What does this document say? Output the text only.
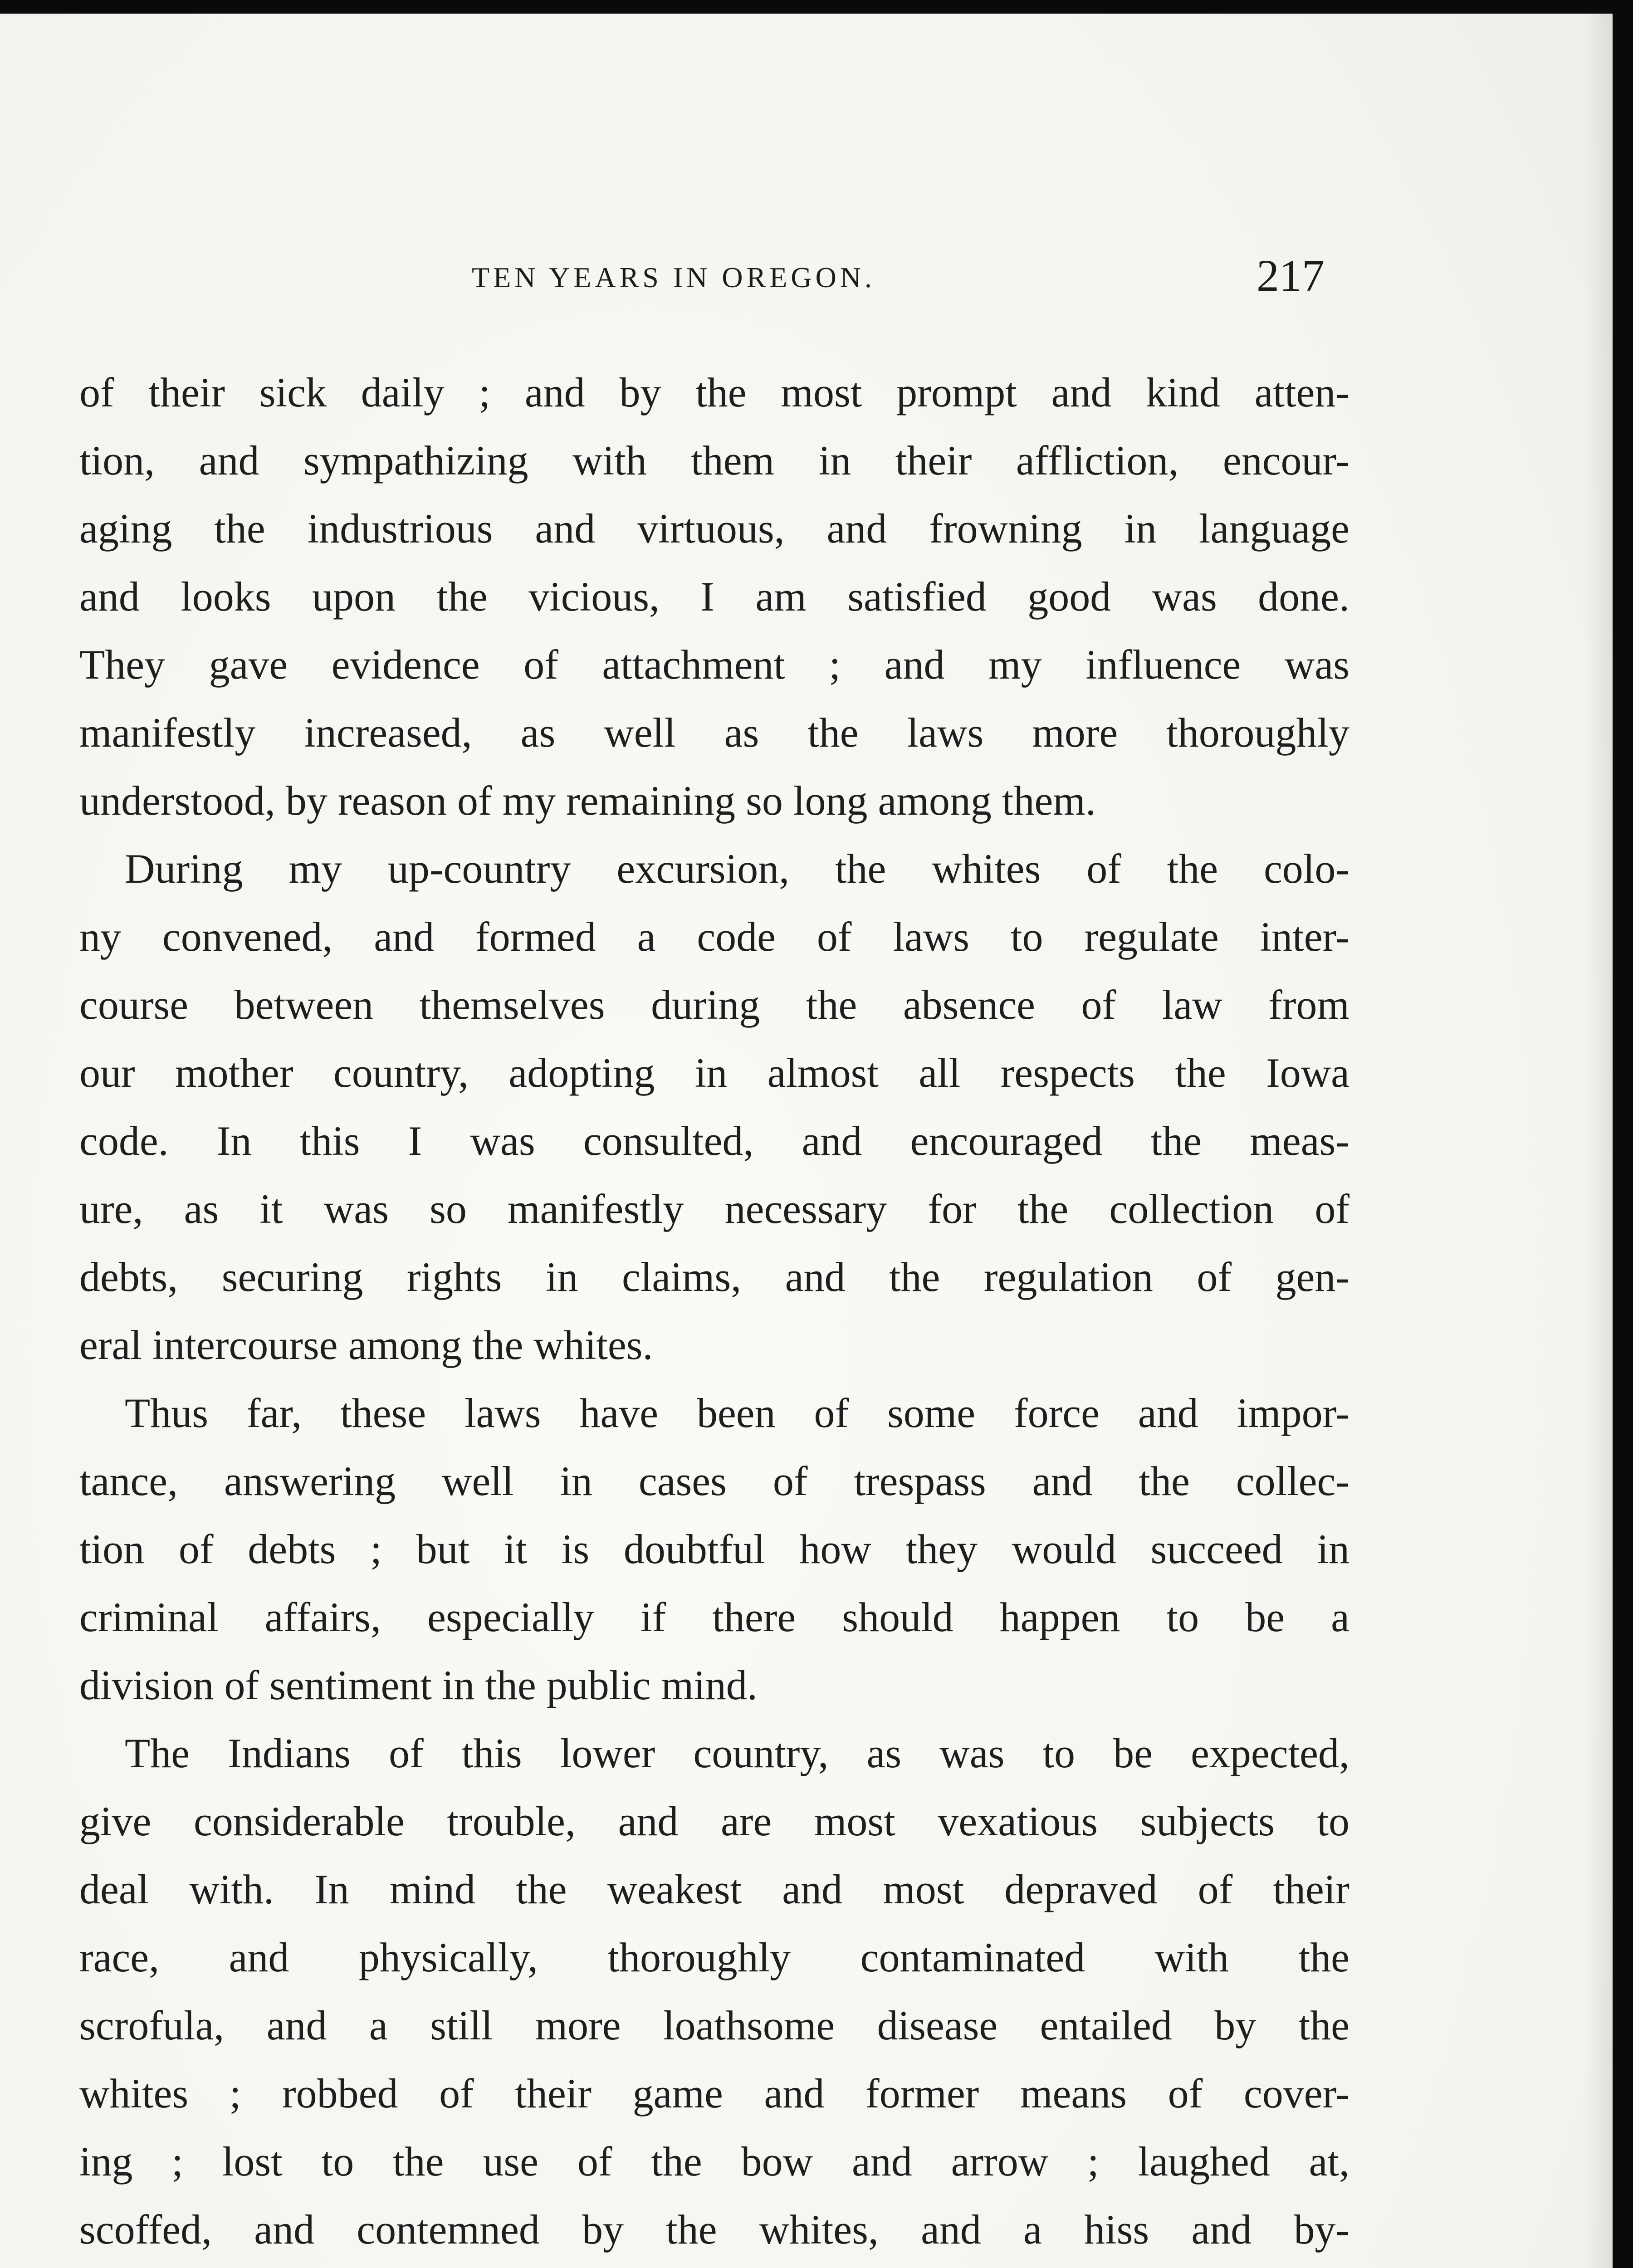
TEN YEARS IN OREGON.	217
of their sick daily ; and by the most prompt and kind atten-
tion, and sympathizing with them in their affliction, encour-
aging the industrious and virtuous, and frowning in language
and looks upon the vicious, I am satisfied good was done.
They gave evidence of attachment ; and my influence was
manifestly increased, as well as the laws more thoroughly
understood, by reason of my remaining so long among them.
During my up-country excursion, the whites of the colo-
ny convened, and formed a code of laws to regulate inter-
course between themselves during the absence of law from
our mother country, adopting in almost all respects the Iowa
code. In this I was consulted, and encouraged the meas-
ure, as it was so manifestly necessary for the collection of
debts, securing rights in claims, and the regulation of gen-
eral intercourse among the whites.
Thus far, these laws have been of some force and impor-
tance, answering well in cases of trespass and the collec-
tion of debts ; but it is doubtful how they would succeed in
criminal affairs, especially if there should happen to be a
division of sentiment in the public mind.
The Indians of this lower country, as was to be expected,
give considerable trouble, and are most vexatious subjects to
deal with. In mind the weakest and most depraved of their
race, and physically, thoroughly contaminated with the
scrofula, and a still more loathsome disease entailed by the
whites ; robbed of their game and former means of cover-
ing ; lost to the use of the bow and arrow ; laughed at,
scoffed, and contemned by the whites, and a hiss and by-
